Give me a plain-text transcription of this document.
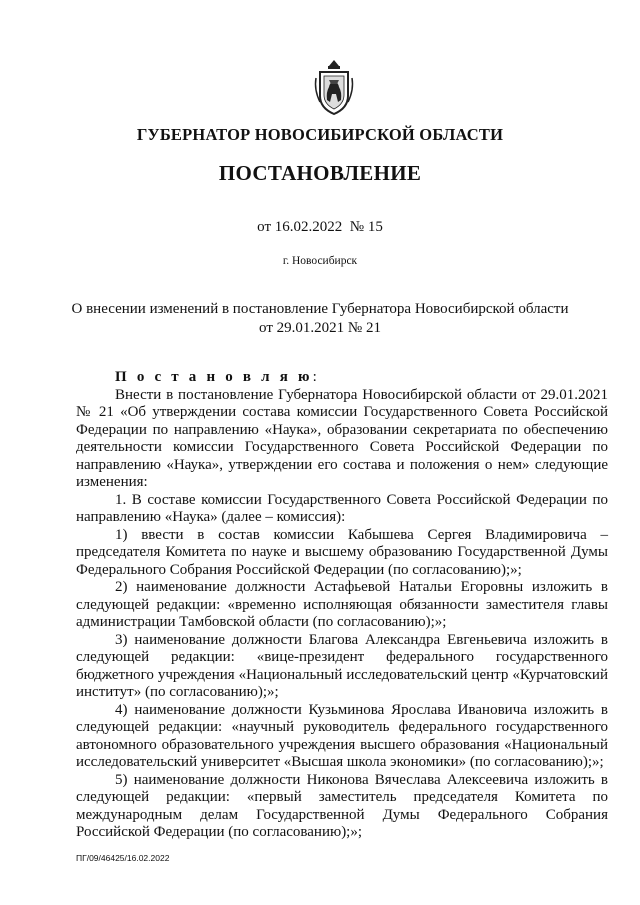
ГУБЕРНАТОР НОВОСИБИРСКОЙ ОБЛАСТИ
ПОСТАНОВЛЕНИЕ
от 16.02.2022 № 15
г. Новосибирск
О внесении изменений в постановление Губернатора Новосибирской области
от 29.01.2021 № 21

П о с т а н о в л я ю:

Внести в постановление Губернатора Новосибирской области от 29.01.2021 № 21 «Об утверждении состава комиссии Государственного Совета Российской Федерации по направлению «Наука», образовании секретариата по обеспечению деятельности комиссии Государственного Совета Российской Федерации по направлению «Наука», утверждении его состава и положения о нем» следующие изменения:

1. В составе комиссии Государственного Совета Российской Федерации по направлению «Наука» (далее – комиссия):

1) ввести в состав комиссии Кабышева Сергея Владимировича – председателя Комитета по науке и высшему образованию Государственной Думы Федерального Собрания Российской Федерации (по согласованию);»;

2) наименование должности Астафьевой Натальи Егоровны изложить в следующей редакции: «временно исполняющая обязанности заместителя главы администрации Тамбовской области (по согласованию);»;

3) наименование должности Благова Александра Евгеньевича изложить в следующей редакции: «вице-президент федерального государственного бюджетного учреждения «Национальный исследовательский центр «Курчатовский институт» (по согласованию);»;

4) наименование должности Кузьминова Ярослава Ивановича изложить в следующей редакции: «научный руководитель федерального государственного автономного образовательного учреждения высшего образования «Национальный исследовательский университет «Высшая школа экономики» (по согласованию);»;

5) наименование должности Никонова Вячеслава Алексеевича изложить в следующей редакции: «первый заместитель председателя Комитета по международным делам Государственной Думы Федерального Собрания Российской Федерации (по согласованию);»;

ПГ/09/46425/16.02.2022
